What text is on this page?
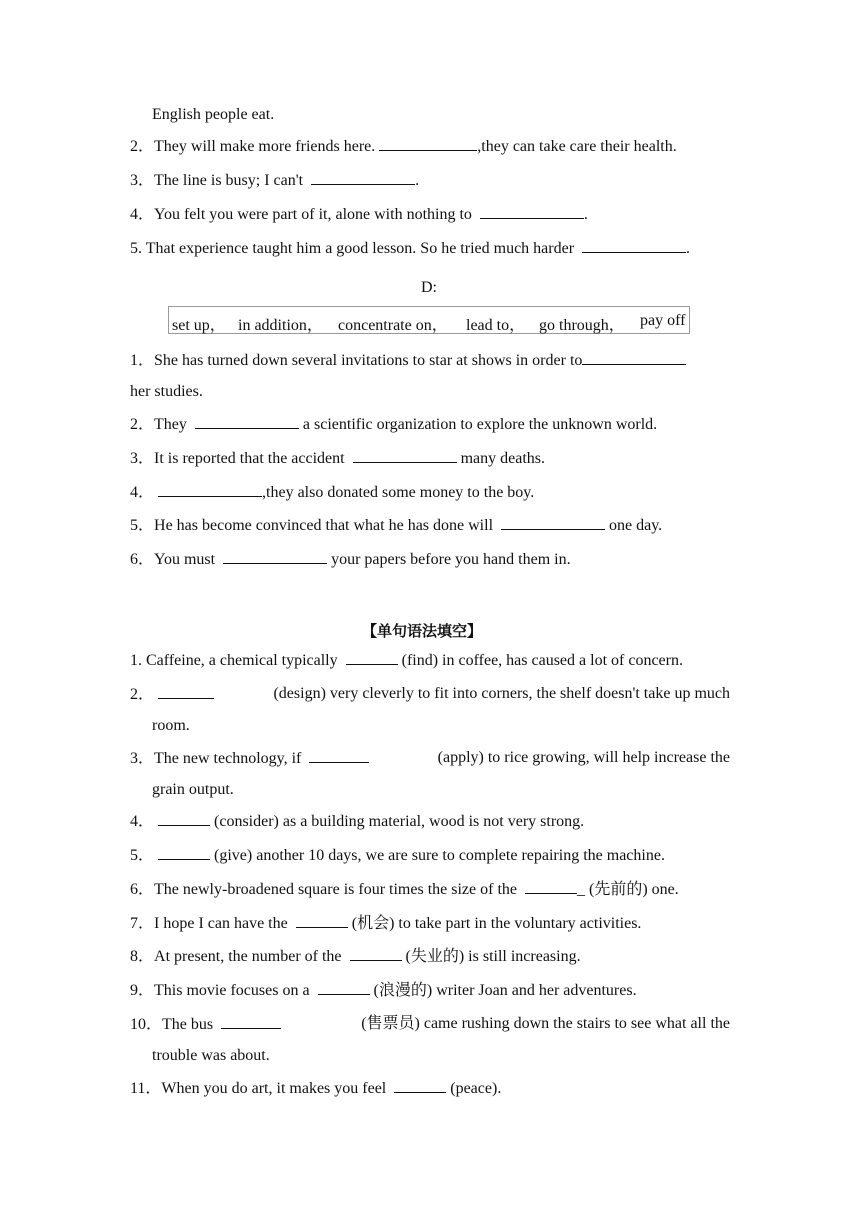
English people eat.
2．They will make more friends here.	,they can take care their health.
3．The line is busy; I can't	.
4．You felt you were part of it, alone with nothing to	.
5. That experience taught him a good lesson. So he tried much harder	.
D:
set up， in addition， concentrate on， lead to， go through， pay off
1．She has turned down several invitations to star at shows in order to
her studies.
2．They	a scientific organization to explore the unknown world.
3．It is reported that the accident	many deaths.
4．	,they also donated some money to the boy.
5．He has become convinced that what he has done will	one day.
6．You must	your papers before you hand them in.
【单句语法填空】
1. Caffeine, a chemical typically	(find) in coffee, has caused a lot of concern.
2．	(design) very cleverly to fit into corners, the shelf doesn't take up much
room.
3．The new technology, if	(apply) to rice growing, will help increase the
grain output.
4．	(consider) as a building material, wood is not very strong.
5．	(give) another 10 days, we are sure to complete repairing the machine.
6．The newly-broadened square is four times the size of the	_ (先前的) one.
7．I hope I can have the	(机会) to take part in the voluntary activities.
8．At present, the number of the	(失业的) is still increasing.
9．This movie focuses on a	(浪漫的) writer Joan and her adventures.
10．The bus	(售票员) came rushing down the stairs to see what all the
trouble was about.
11．When you do art, it makes you feel	(peace).
